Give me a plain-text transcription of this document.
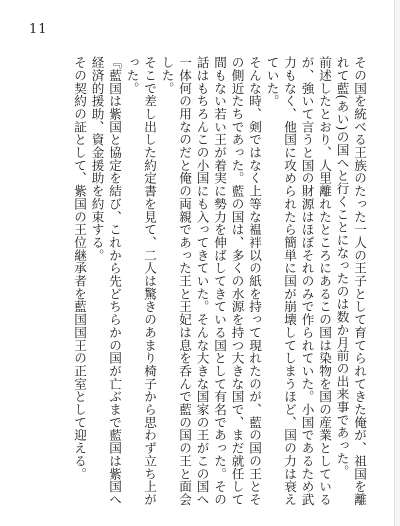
11

その国を統べる王族のたった一人の王子として育てられてきた俺が、祖国を離れて藍(あい)の国へと行くことになったのは数か月前の出来事であった。

前述したとおり、人里離れたところにあるこの国は染物を国の産業としているが、強いて言うと国の財源はほぼそれのみで作られていた。小国であるため武力もなく、他国に攻められたら簡単に国が崩壊してしまうほど、国の力は衰えていた。

そんな時、剣ではなく上等な褞袢以の紙を持って現れたのが、藍の国の王とその側近たちであった。藍の国は、多くの水源を持つ大きな国で、まだ就任して間もない若い王が着実に勢力を伸ばしてきている国として有名であった。その話はもちろんこの小国にも入ってきていた。そんな大きな国家の王がこの国へ一体何の用なのだと俺の両親であった王と王妃は息を呑んで藍の国の王と面会した。

そこで差し出した約定書を見て、二人は驚きのあまり椅子から思わず立ち上がった。

『藍国は紫国と協定を結び、これから先どちらかの国が亡ぶまで藍国は紫国へ経済的援助、資金援助を約束する。

その契約の証として、紫国の王位継承者を藍国国王の正室として迎える。
